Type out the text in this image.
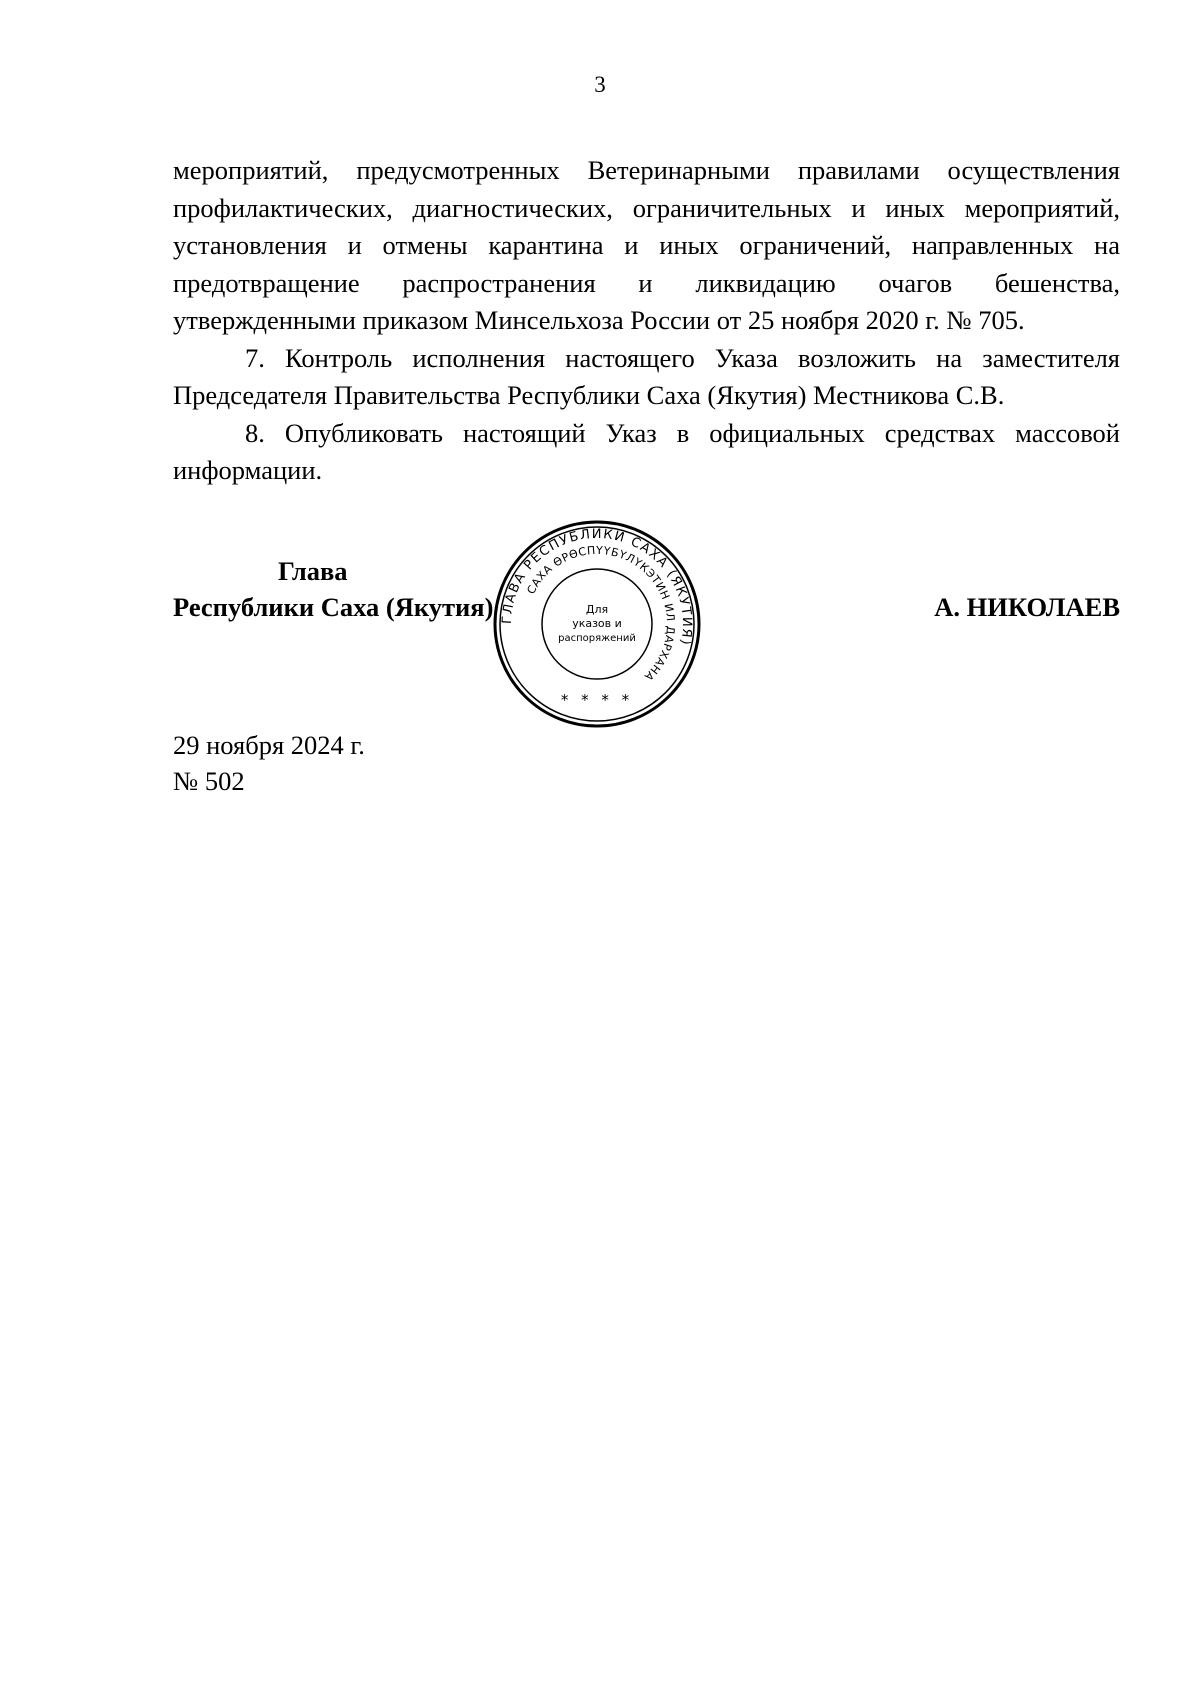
3

мероприятий, предусмотренных Ветеринарными правилами осуществления профилактических, диагностических, ограничительных и иных мероприятий, установления и отмены карантина и иных ограничений, направленных на предотвращение распространения и ликвидацию очагов бешенства, утвержденными приказом Минсельхоза России от 25 ноября 2020 г. № 705.

7. Контроль исполнения настоящего Указа возложить на заместителя Председателя Правительства Республики Саха (Якутия) Местникова С.В.

8. Опубликовать настоящий Указ в официальных средствах массовой информации.

Глава
Республики Саха (Якутия)	А. НИКОЛАЕВ
ГЛАВА РЕСПУБЛИКИ САХА (ЯКУТИЯ)
САХА ӨРӨСПҮҮБҮЛҮКЭТИН ИЛ ДАРХАНА
Для
указов и
распоряжений
* * * *
29 ноября 2024 г.
№ 502
